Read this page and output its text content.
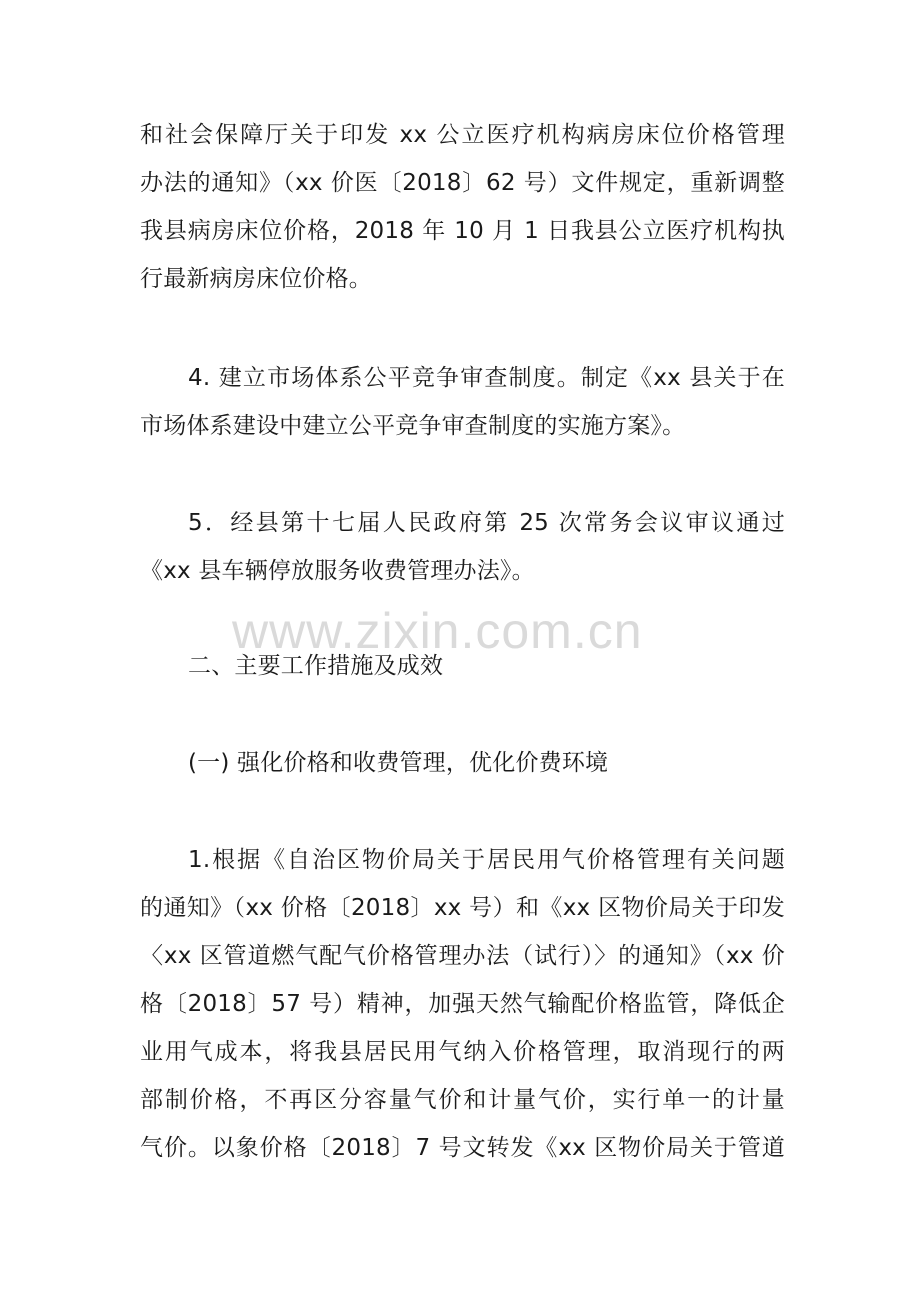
和社会保障厅关于印发 xx 公立医疗机构病房床位价格管理
办法的通知》（xx 价医〔2018〕62 号）文件规定，重新调整
我县病房床位价格，2018 年 10 月 1 日我县公立医疗机构执
行最新病房床位价格。
4. 建立市场体系公平竞争审查制度。制定《xx 县关于在
市场体系建设中建立公平竞争审查制度的实施方案》。
5．经县第十七届人民政府第 25 次常务会议审议通过
《xx 县车辆停放服务收费管理办法》。
二、主要工作措施及成效
(一) 强化价格和收费管理，优化价费环境
1.根据《自治区物价局关于居民用气价格管理有关问题
的通知》（xx 价格〔2018〕xx 号）和《xx 区物价局关于印发
〈xx 区管道燃气配气价格管理办法（试行）〉的通知》（xx 价
格〔2018〕57 号）精神，加强天然气输配价格监管，降低企
业用气成本，将我县居民用气纳入价格管理，取消现行的两
部制价格，不再区分容量气价和计量气价，实行单一的计量
气价。以象价格〔2018〕7 号文转发《xx 区物价局关于管道
www.zixin.com.cn
